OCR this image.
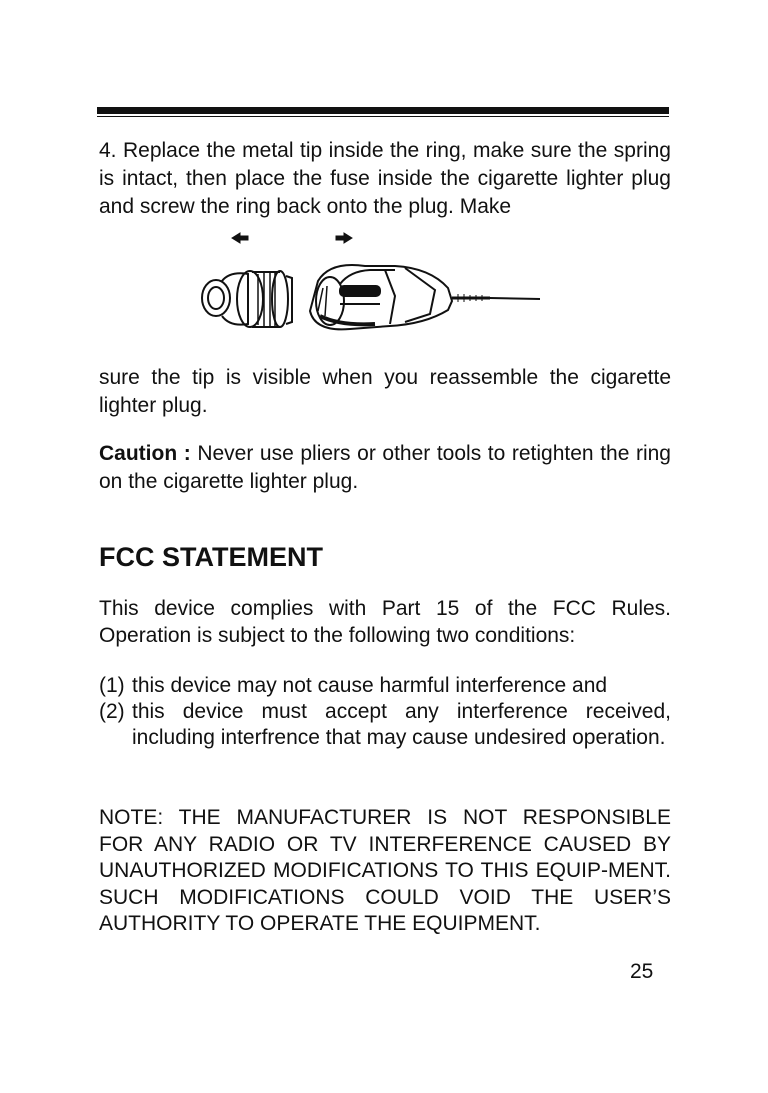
4. Replace the metal tip inside the ring, make sure the spring is intact, then place the fuse inside the cigarette lighter plug and screw the ring back onto the plug. Make

sure the tip is visible when you reassemble the cigarette lighter plug.

Caution : Never use pliers or other tools to retighten the ring on the cigarette lighter plug.

FCC STATEMENT

This device complies with Part 15 of the FCC Rules. Operation is subject to the following two conditions:

(1) this device may not cause harmful interference and
(2) this device must accept any interference received, including interfrence that may cause undesired operation.

NOTE: THE MANUFACTURER IS NOT RESPONSIBLE FOR ANY RADIO OR TV INTERFERENCE CAUSED BY UNAUTHORIZED MODIFICATIONS TO THIS EQUIP-MENT. SUCH MODIFICATIONS COULD VOID THE USER’S AUTHORITY TO OPERATE THE EQUIPMENT.

25
